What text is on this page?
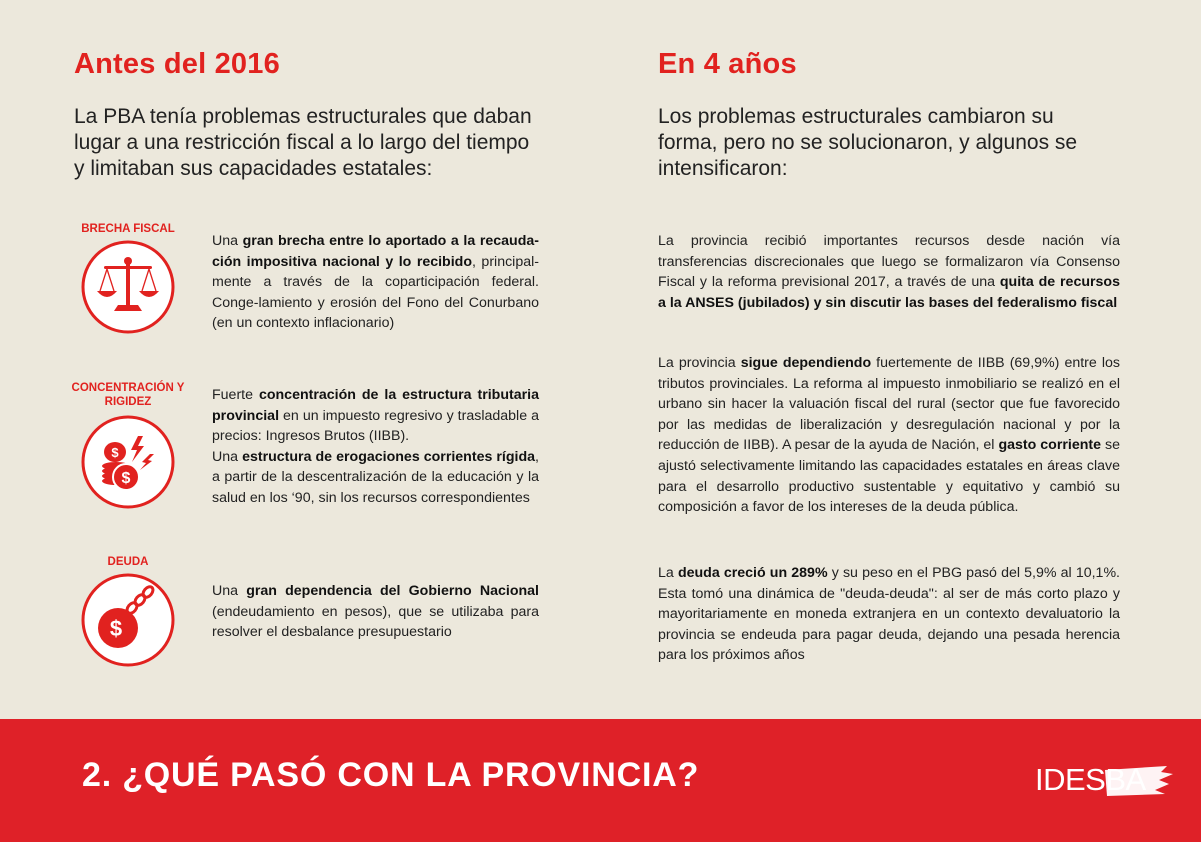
Antes del 2016
La PBA tenía problemas estructurales que daban lugar a una restricción fiscal a lo largo del tiempo y limitaban sus capacidades estatales:
BRECHA FISCAL
Una gran brecha entre lo aportado a la recauda-ción impositiva nacional y lo recibido, principal-mente a través de la coparticipación federal. Conge-lamiento y erosión del Fono del Conurbano (en un contexto inflacionario)
CONCENTRACIÓN Y RIGIDEZ
$
$
Fuerte concentración de la estructura tributaria provincial en un impuesto regresivo y trasladable a precios: Ingresos Brutos (IIBB).
Una estructura de erogaciones corrientes rígida, a partir de la descentralización de la educación y la salud en los ‘90, sin los recursos correspondientes
DEUDA
$
Una gran dependencia del Gobierno Nacional (endeudamiento en pesos), que se utilizaba para resolver el desbalance presupuestario
En 4 años
Los problemas estructurales cambiaron su forma, pero no se solucionaron, y algunos se intensificaron:
La provincia recibió importantes recursos desde nación vía transferencias discrecionales que luego se formalizaron vía Consenso Fiscal y la reforma previsional 2017, a través de una quita de recursos a la ANSES (jubilados) y sin discutir las bases del federalismo fiscal
La provincia sigue dependiendo fuertemente de IIBB (69,9%) entre los tributos provinciales. La reforma al impuesto inmobiliario se realizó en el urbano sin hacer la valuación fiscal del rural (sector que fue favorecido por las medidas de liberalización y desregulación nacional y por la reducción de IIBB). A pesar de la ayuda de Nación, el gasto corriente se ajustó selectivamente limitando las capacidades estatales en áreas clave para el desarrollo productivo sustentable y equitativo y cambió su composición a favor de los intereses de la deuda pública.
La deuda creció un 289% y su peso en el PBG pasó del 5,9% al 10,1%. Esta tomó una dinámica de "deuda-deuda": al ser de más corto plazo y mayoritariamente en moneda extranjera en un contexto devaluatorio la provincia se endeuda para pagar deuda, dejando una pesada herencia para los próximos años
2. ¿QUÉ PASÓ CON LA PROVINCIA?	IDESBA
